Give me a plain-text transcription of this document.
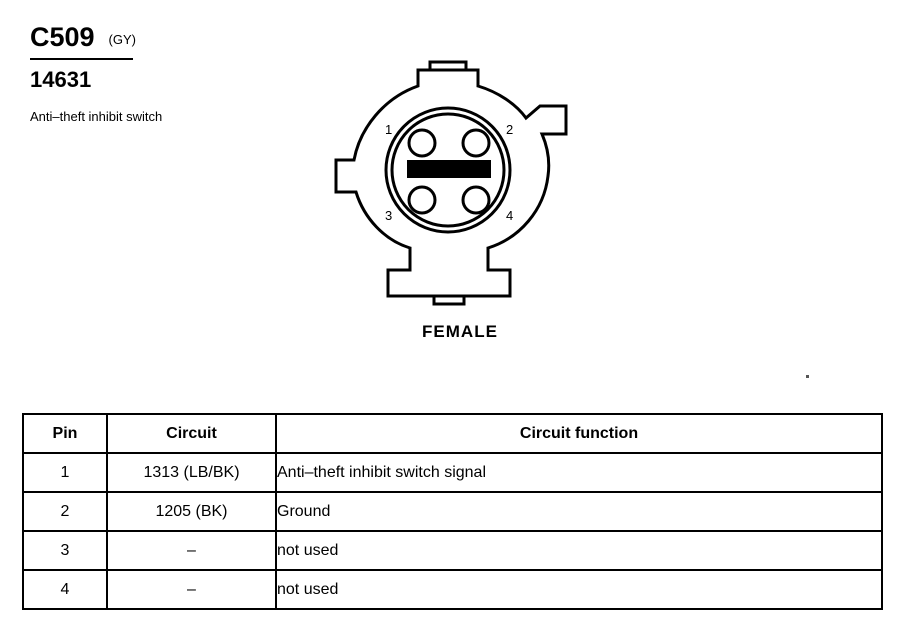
C509 (GY)
14631
Anti–theft inhibit switch
1	2
3	4
FEMALE
Pin	Circuit	Circuit function
1	1313 (LB/BK)	Anti–theft inhibit switch signal
2	1205 (BK)	Ground
3	–	not used
4	–	not used
